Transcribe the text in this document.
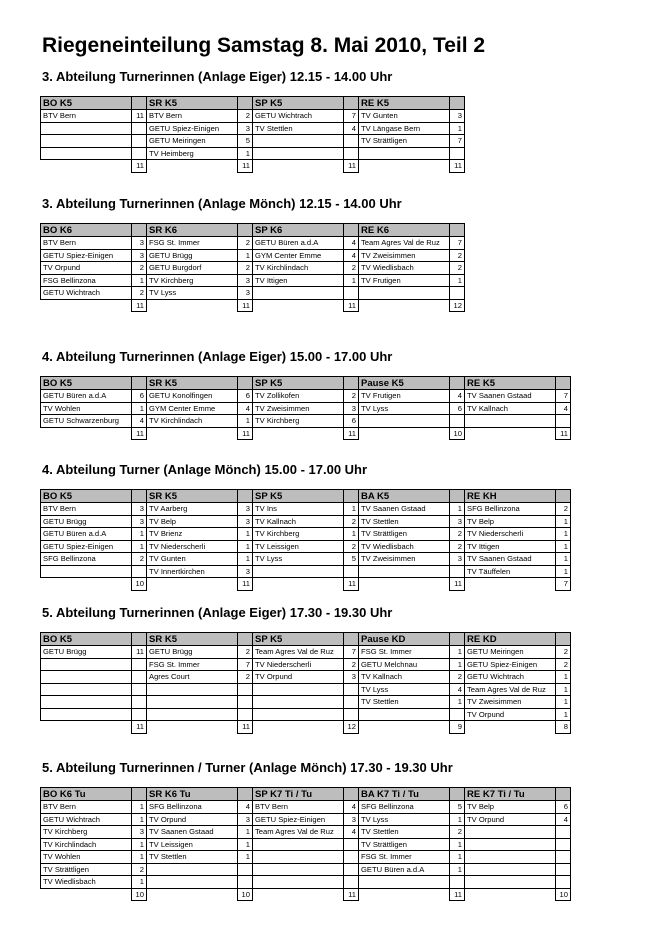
Riegeneinteilung Samstag 8. Mai 2010, Teil 2
3. Abteilung Turnerinnen (Anlage Eiger) 12.15 - 14.00 Uhr
BO K5		SR K5		SP K5		RE K5	
BTV Bern	11	BTV Bern	2	GETU Wichtrach	7	TV Gunten	3
		GETU Spiez-Einigen	3	TV Stettlen	4	TV Längase Bern	1
		GETU Meiringen	5			TV Strättligen	7
		TV Heimberg	1				
	11		11		11		11
3. Abteilung Turnerinnen (Anlage Mönch) 12.15 - 14.00 Uhr
BO K6		SR K6		SP K6		RE K6	
BTV Bern	3	FSG St. Immer	2	GETU Büren a.d.A	4	Team Agres Val de Ruz	7
GETU Spiez-Einigen	3	GETU Brügg	1	GYM Center Emme	4	TV Zweisimmen	2
TV Orpund	2	GETU Burgdorf	2	TV Kirchlindach	2	TV Wiedlisbach	2
FSG Bellinzona	1	TV Kirchberg	3	TV Ittigen	1	TV Frutigen	1
GETU Wichtrach	2	TV Lyss	3				
	11		11		11		12
4. Abteilung Turnerinnen (Anlage Eiger) 15.00 - 17.00 Uhr
BO K5		SR K5		SP K5		Pause K5		RE K5	
GETU Büren a.d.A	6	GETU Konolfingen	6	TV Zollikofen	2	TV Frutigen	4	TV Saanen Gstaad	7
TV Wohlen	1	GYM Center Emme	4	TV Zweisimmen	3	TV Lyss	6	TV Kallnach	4
GETU Schwarzenburg	4	TV Kirchlindach	1	TV Kirchberg	6				
	11		11		11		10		11
4. Abteilung Turner (Anlage Mönch) 15.00 - 17.00 Uhr
BO K5		SR K5		SP K5		BA K5		RE KH	
BTV Bern	3	TV Aarberg	3	TV Ins	1	TV Saanen Gstaad	1	SFG Bellinzona	2
GETU Brügg	3	TV Belp	3	TV Kallnach	2	TV Stettlen	3	TV Belp	1
GETU Büren a.d.A	1	TV Brienz	1	TV Kirchberg	1	TV Strättligen	2	TV Niederscherli	1
GETU Spiez-Einigen	1	TV Niederscherli	1	TV Leissigen	2	TV Wiedlisbach	2	TV Ittigen	1
SFG Bellinzona	2	TV Gunten	1	TV Lyss	5	TV Zweisimmen	3	TV Saanen Gstaad	1
		TV Innertkirchen	3					TV Täuffelen	1
	10		11		11		11		7
5. Abteilung Turnerinnen (Anlage Eiger) 17.30 - 19.30 Uhr
BO K5		SR K5		SP K5		Pause KD		RE KD	
GETU Brügg	11	GETU Brügg	2	Team Agres Val de Ruz	7	FSG St. Immer	1	GETU Meiringen	2
		FSG St. Immer	7	TV Niederscherli	2	GETU Melchnau	1	GETU Spiez-Einigen	2
		Agres Court	2	TV Orpund	3	TV Kallnach	2	GETU Wichtrach	1
						TV Lyss	4	Team Agres Val de Ruz	1
						TV Stettlen	1	TV Zweisimmen	1
								TV Orpund	1
	11		11		12		9		8
5. Abteilung Turnerinnen / Turner (Anlage Mönch) 17.30 - 19.30 Uhr
BO K6 Tu		SR K6 Tu		SP K7 Ti / Tu		BA K7 Ti / Tu		RE K7 Ti / Tu	
BTV Bern	1	SFG Bellinzona	4	BTV Bern	4	SFG Bellinzona	5	TV Belp	6
GETU Wichtrach	1	TV Orpund	3	GETU Spiez-Einigen	3	TV Lyss	1	TV Orpund	4
TV Kirchberg	3	TV Saanen Gstaad	1	Team Agres Val de Ruz	4	TV Stettlen	2		
TV Kirchlindach	1	TV Leissigen	1			TV Strättligen	1		
TV Wohlen	1	TV Stettlen	1			FSG St. Immer	1		
TV Strättligen	2					GETU Büren a.d.A	1		
TV Wiedlisbach	1								
	10		10		11		11		10
